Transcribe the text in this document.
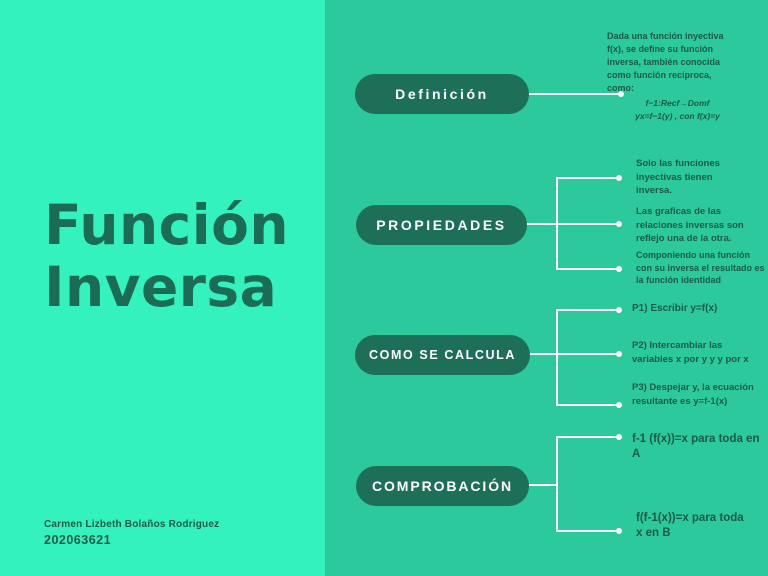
Función
Inversa
Carmen Lizbeth Bolaños Rodriguez
202063621
Definición
Dada una función inyectiva f(x), se define su función inversa, también conocida como función recíproca, como:
f−1:Recf→Domf
yx=f−1(y) , con f(x)=y
PROPIEDADES
Solo las funciones inyectivas tienen inversa.
Las graficas de las relaciones inversas son reflejo una de la otra.
Componiendo una función con su inversa el resultado es la función identidad
COMO SE CALCULA
P1) Escribir y=f(x)
P2) Intercambiar las variables x por y y y por x
P3) Despejar y, la ecuación resultante es y=f-1(x)
COMPROBACIÓN
f-1 (f(x))=x para toda en A
f(f-1(x))=x para toda x en B
